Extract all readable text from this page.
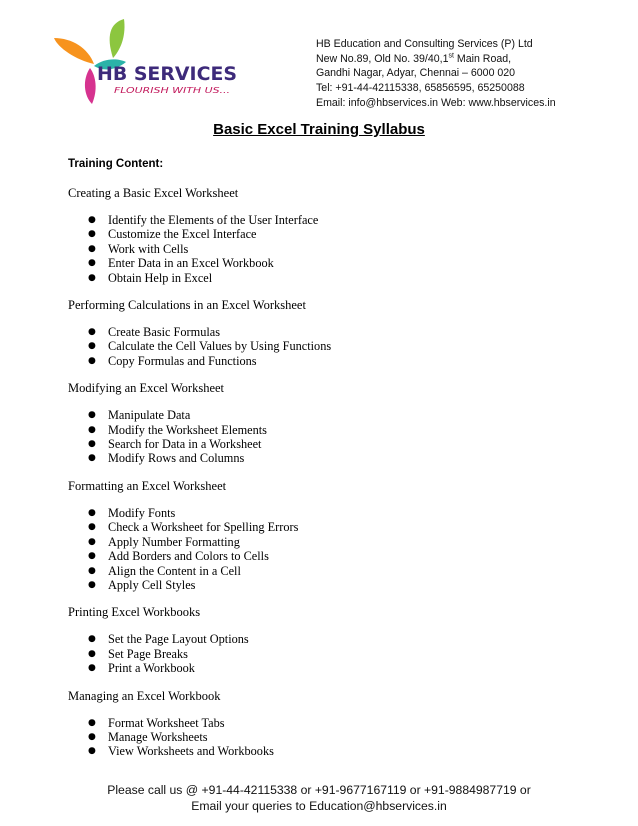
HB SERVICES
FLOURISH WITH US...
HB Education and Consulting Services (P) Ltd
New No.89, Old No. 39/40,1st Main Road,
Gandhi Nagar, Adyar, Chennai – 6000 020
Tel: +91-44-42115338, 65856595, 65250088
Email: info@hbservices.in Web: www.hbservices.in
Basic Excel Training Syllabus
Training Content:
Creating a Basic Excel Worksheet
● Identify the Elements of the User Interface
● Customize the Excel Interface
● Work with Cells
● Enter Data in an Excel Workbook
● Obtain Help in Excel
Performing Calculations in an Excel Worksheet
● Create Basic Formulas
● Calculate the Cell Values by Using Functions
● Copy Formulas and Functions
Modifying an Excel Worksheet
● Manipulate Data
● Modify the Worksheet Elements
● Search for Data in a Worksheet
● Modify Rows and Columns
Formatting an Excel Worksheet
● Modify Fonts
● Check a Worksheet for Spelling Errors
● Apply Number Formatting
● Add Borders and Colors to Cells
● Align the Content in a Cell
● Apply Cell Styles
Printing Excel Workbooks
● Set the Page Layout Options
● Set Page Breaks
● Print a Workbook
Managing an Excel Workbook
● Format Worksheet Tabs
● Manage Worksheets
● View Worksheets and Workbooks
Please call us @ +91-44-42115338 or +91-9677167119 or +91-9884987719 or
Email your queries to Education@hbservices.in
